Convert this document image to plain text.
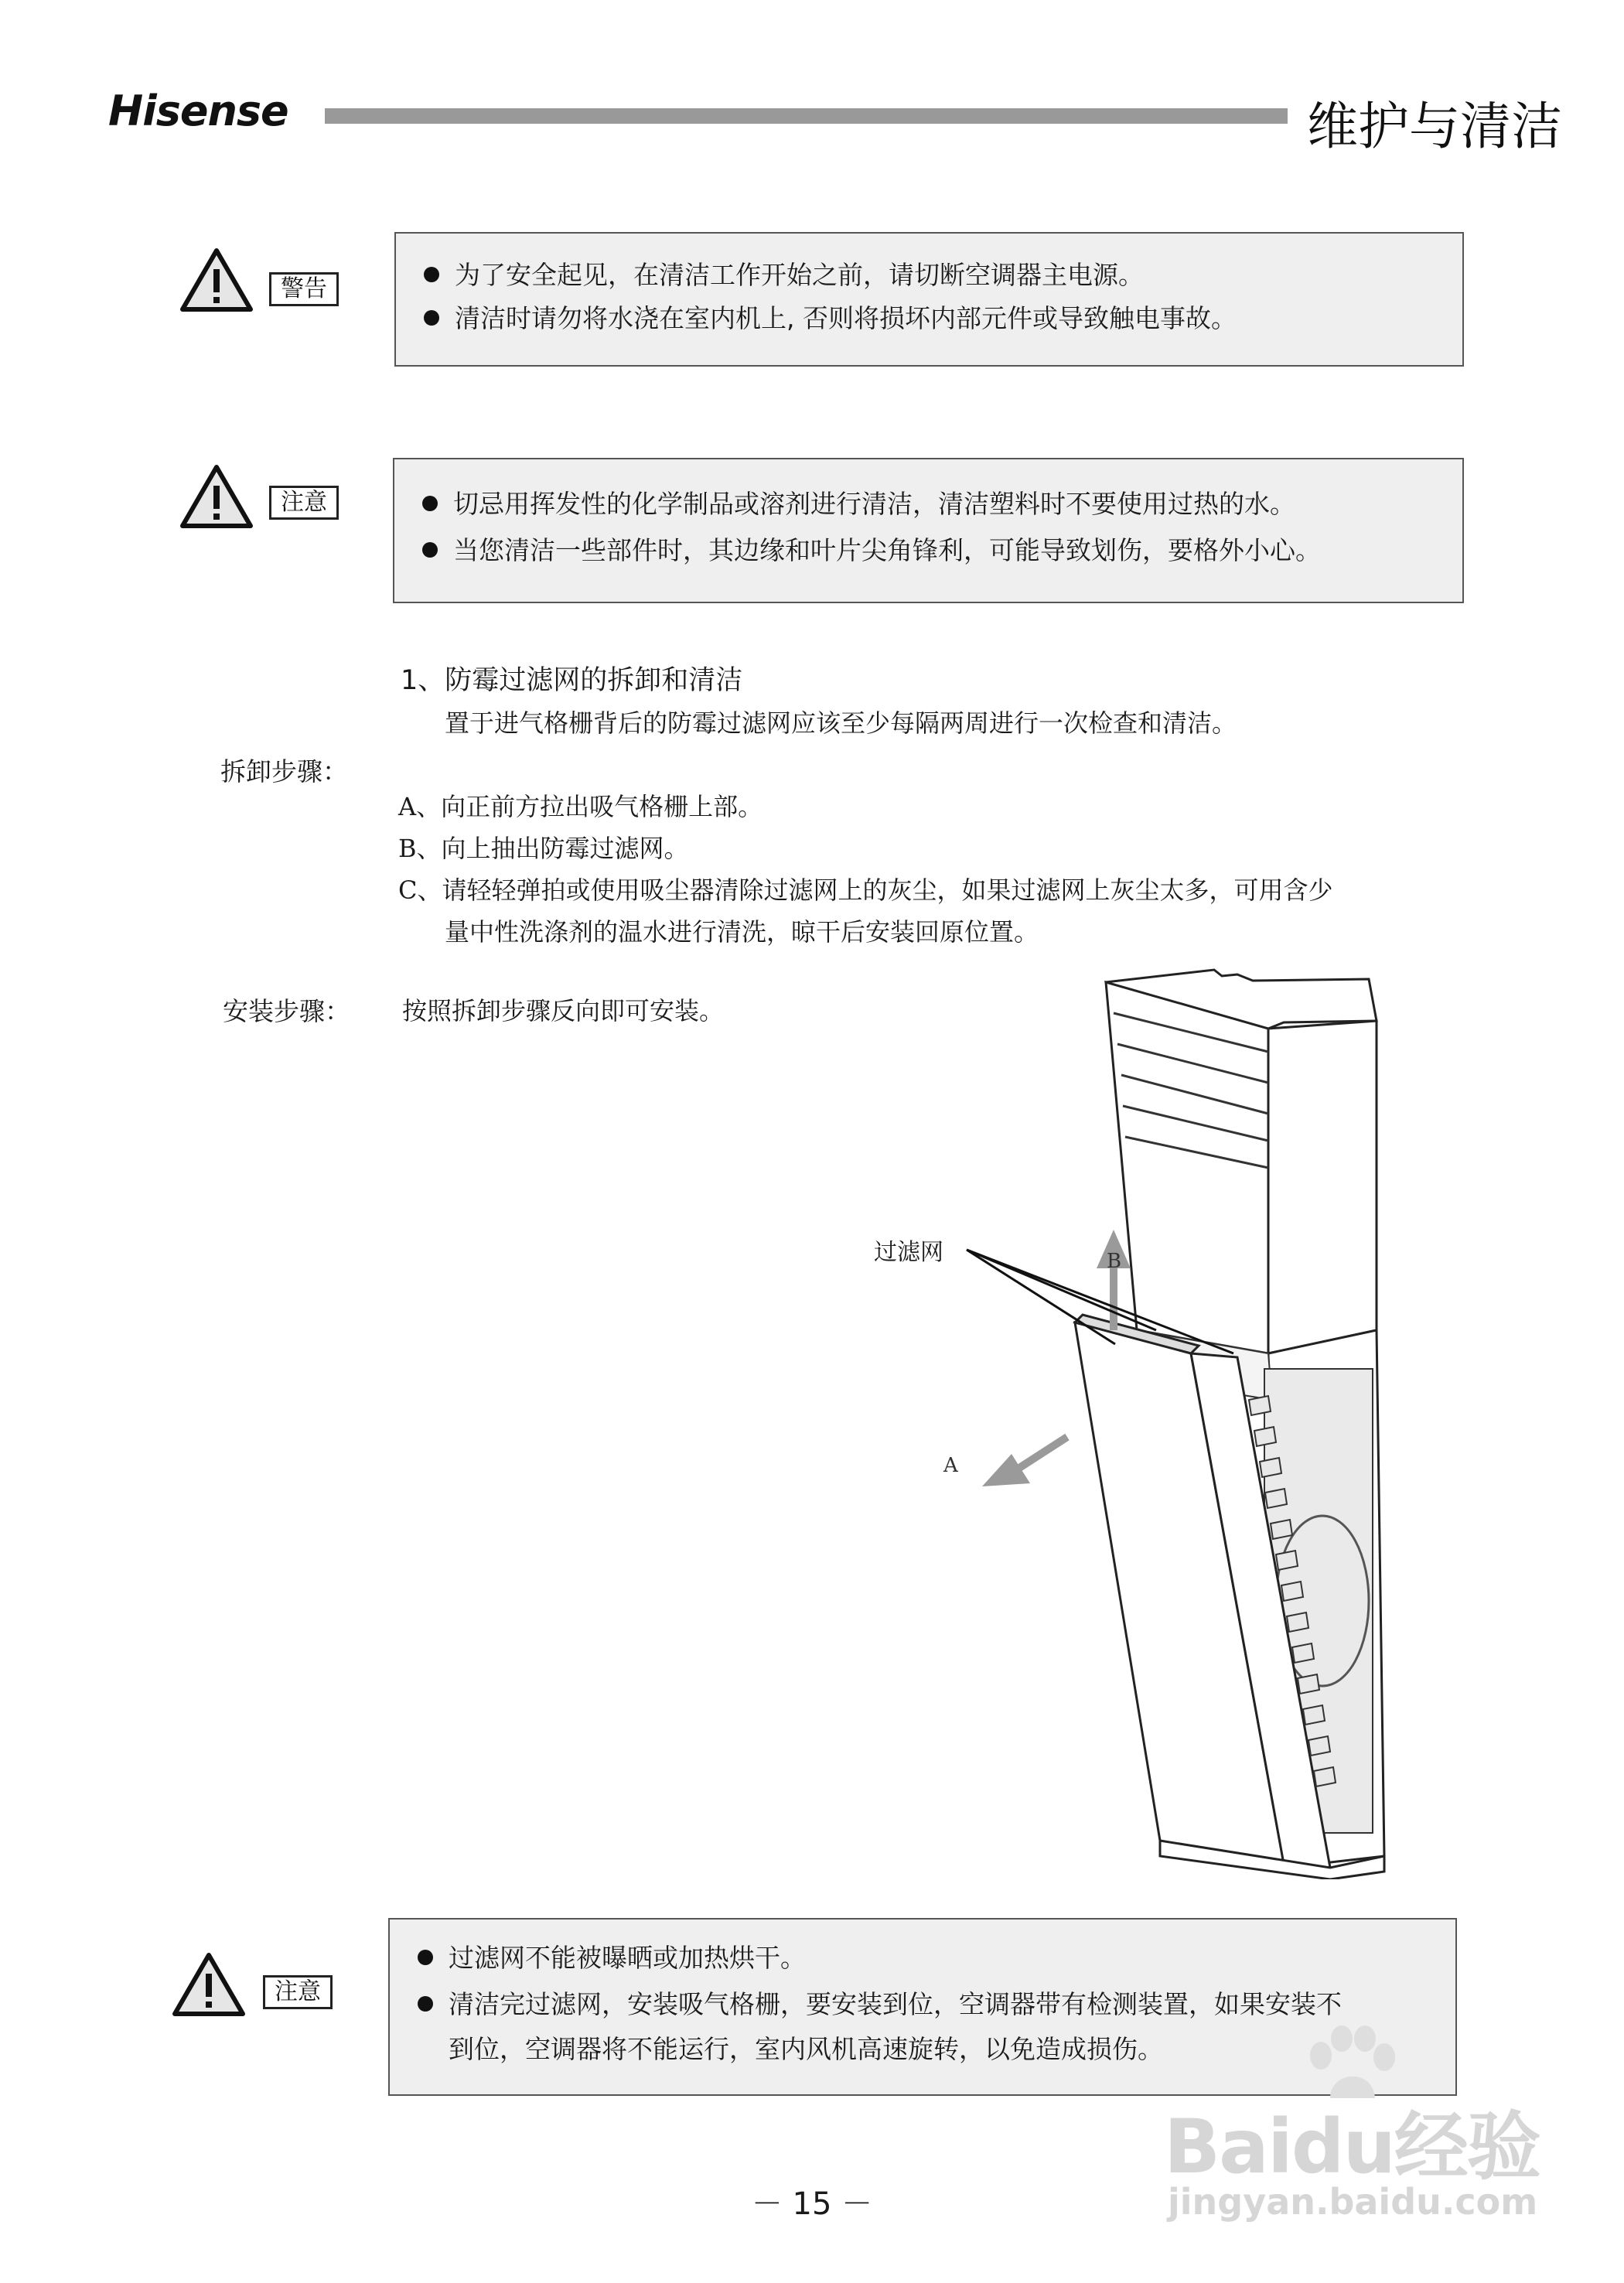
Hisense	维护与清洁
警告	为了安全起见，在清洁工作开始之前，请切断空调器主电源。
清洁时请勿将水浇在室内机上, 否则将损坏内部元件或导致触电事故。
注意	切忌用挥发性的化学制品或溶剂进行清洁，清洁塑料时不要使用过热的水。
当您清洁一些部件时，其边缘和叶片尖角锋利，可能导致划伤，要格外小心。
1、防霉过滤网的拆卸和清洁
置于进气格栅背后的防霉过滤网应该至少每隔两周进行一次检查和清洁。
拆卸步骤：
A、向正前方拉出吸气格栅上部。
B、向上抽出防霉过滤网。
C、请轻轻弹拍或使用吸尘器清除过滤网上的灰尘，如果过滤网上灰尘太多，可用含少
量中性洗涤剂的温水进行清洗，晾干后安装回原位置。
安装步骤： 按照拆卸步骤反向即可安装。
过滤网	B
A
注意
过滤网不能被曝晒或加热烘干。
清洁完过滤网，安装吸气格栅，要安装到位，空调器带有检测装置，如果安装不
到位，空调器将不能运行，室内风机高速旋转，以免造成损伤。
－ 15 －
Baidu经验
jingyan.baidu.com
